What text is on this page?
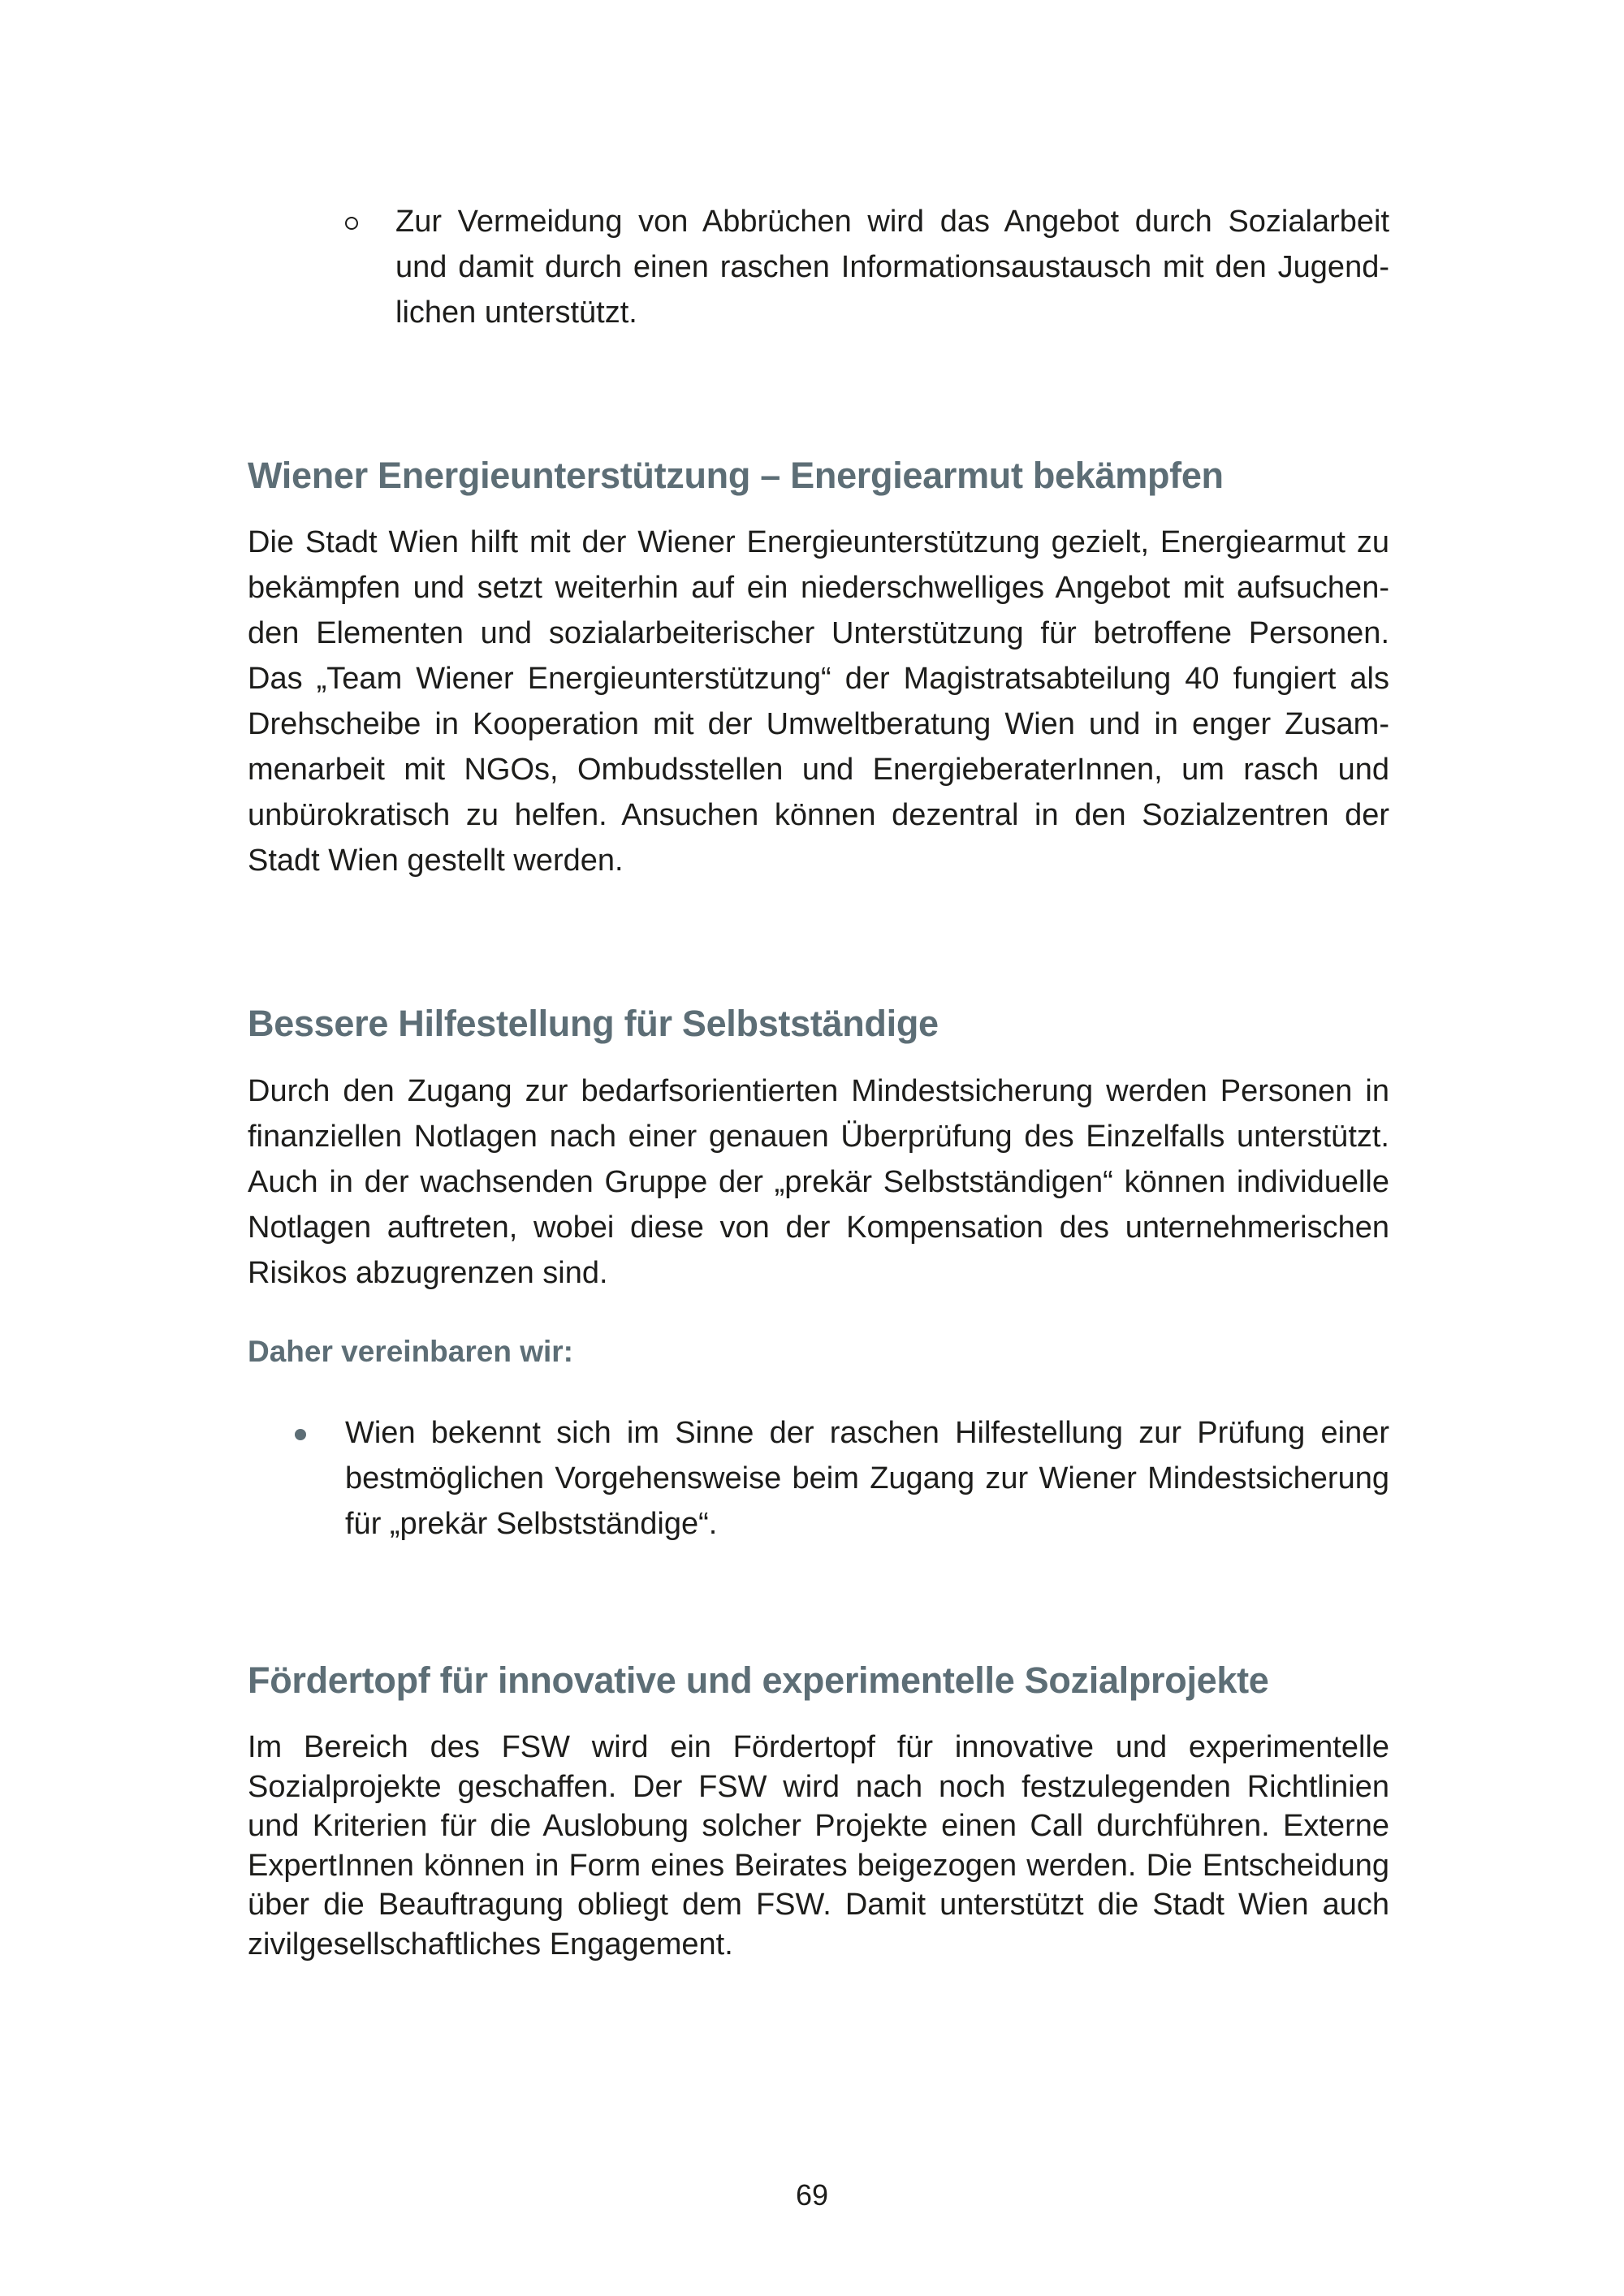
Zur Vermeidung von Abbrüchen wird das Angebot durch Sozialarbeit und damit durch einen raschen Informationsaustausch mit den Jugendlichen unterstützt.

Wiener Energieunterstützung – Energiearmut bekämpfen

Die Stadt Wien hilft mit der Wiener Energieunterstützung gezielt, Energiearmut zu bekämpfen und setzt weiterhin auf ein niederschwelliges Angebot mit aufsuchenden Elementen und sozialarbeiterischer Unterstützung für betroffene Personen. Das „Team Wiener Energieunterstützung“ der Magistratsabteilung 40 fungiert als Drehscheibe in Kooperation mit der Umweltberatung Wien und in enger Zusammenarbeit mit NGOs, Ombudsstellen und EnergieberaterInnen, um rasch und unbürokratisch zu helfen. Ansuchen können dezentral in den Sozialzentren der Stadt Wien gestellt werden.

Bessere Hilfestellung für Selbstständige

Durch den Zugang zur bedarfsorientierten Mindestsicherung werden Personen in finanziellen Notlagen nach einer genauen Überprüfung des Einzelfalls unterstützt. Auch in der wachsenden Gruppe der „prekär Selbstständigen“ können individuelle Notlagen auftreten, wobei diese von der Kompensation des unternehmerischen Risikos abzugrenzen sind.

Daher vereinbaren wir:

Wien bekennt sich im Sinne der raschen Hilfestellung zur Prüfung einer bestmöglichen Vorgehensweise beim Zugang zur Wiener Mindestsicherung für „prekär Selbstständige“.

Fördertopf für innovative und experimentelle Sozialprojekte

Im Bereich des FSW wird ein Fördertopf für innovative und experimentelle Sozialprojekte geschaffen. Der FSW wird nach noch festzulegenden Richtlinien und Kriterien für die Auslobung solcher Projekte einen Call durchführen. Externe ExpertInnen können in Form eines Beirates beigezogen werden. Die Entscheidung über die Beauftragung obliegt dem FSW. Damit unterstützt die Stadt Wien auch zivilgesellschaftliches Engagement.

69
